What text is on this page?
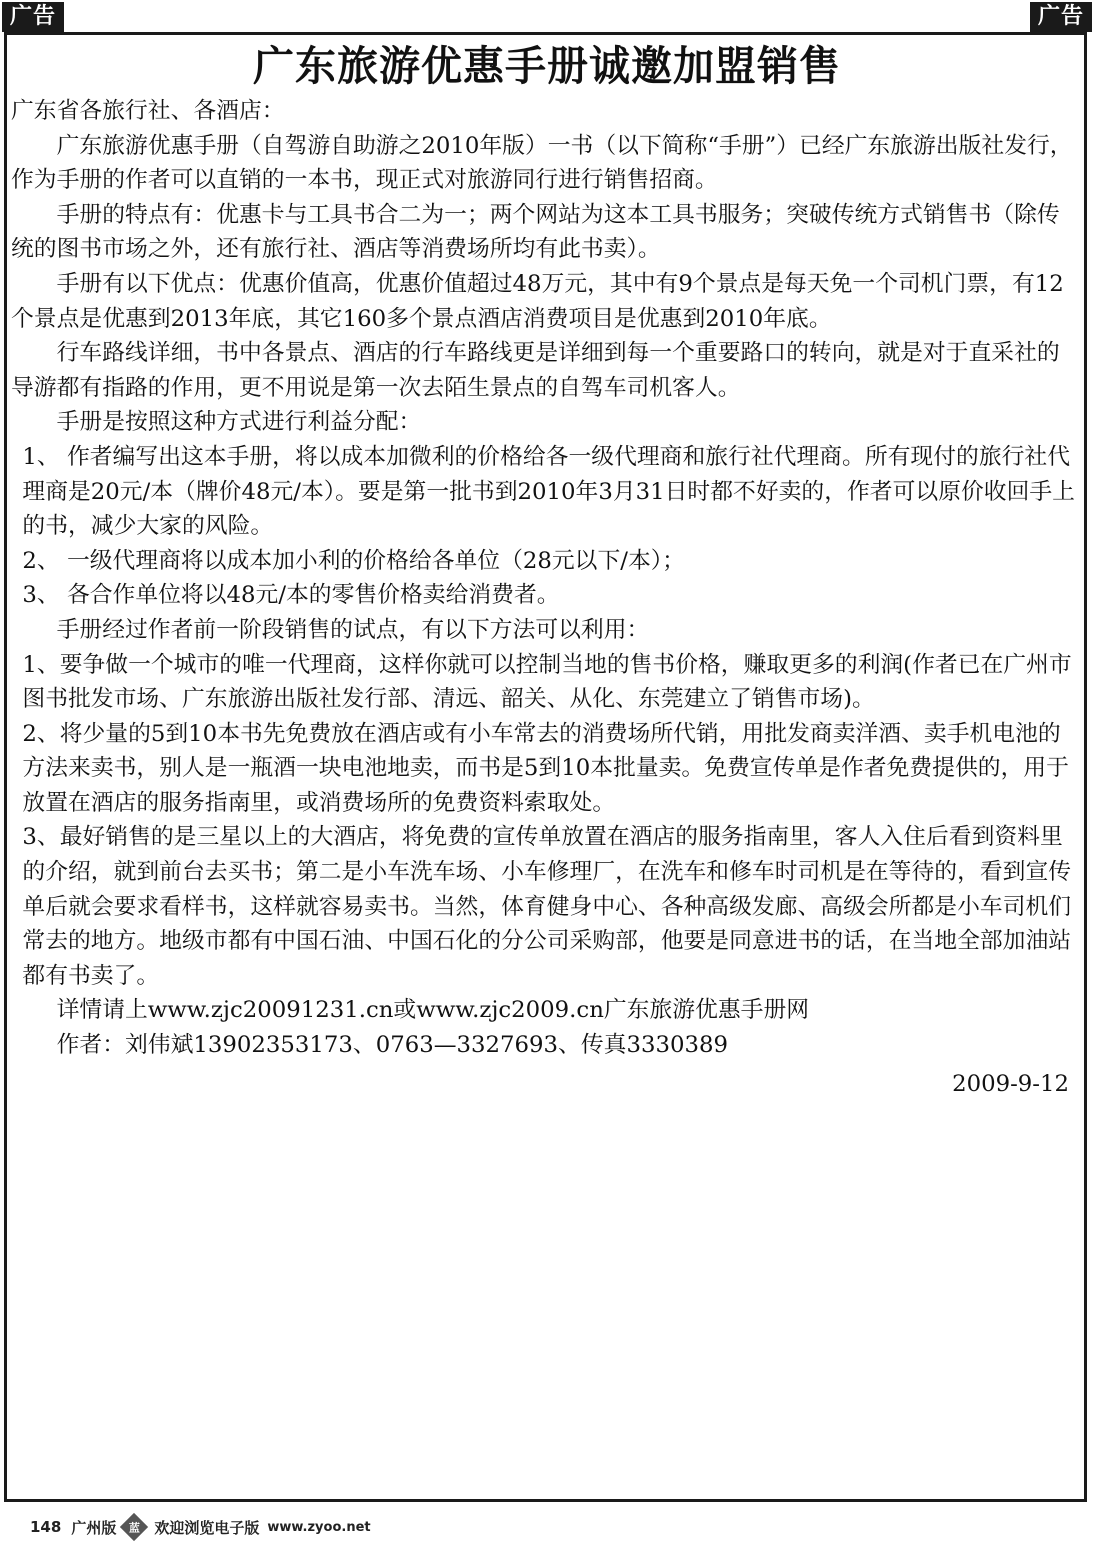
广告	广告
广东旅游优惠手册诚邀加盟销售

广东省各旅行社、各酒店：

广东旅游优惠手册（自驾游自助游之2010年版）一书（以下简称“手册”）已经广东旅游出版社发行，作为手册的作者可以直销的一本书，现正式对旅游同行进行销售招商。

手册的特点有：优惠卡与工具书合二为一；两个网站为这本工具书服务；突破传统方式销售书（除传统的图书市场之外，还有旅行社、酒店等消费场所均有此书卖）。

手册有以下优点：优惠价值高，优惠价值超过48万元，其中有9个景点是每天免一个司机门票，有12个景点是优惠到2013年底，其它160多个景点酒店消费项目是优惠到2010年底。

行车路线详细，书中各景点、酒店的行车路线更是详细到每一个重要路口的转向，就是对于直采社的导游都有指路的作用，更不用说是第一次去陌生景点的自驾车司机客人。

手册是按照这种方式进行利益分配：

1、 作者编写出这本手册，将以成本加微利的价格给各一级代理商和旅行社代理商。所有现付的旅行社代理商是20元/本（牌价48元/本）。要是第一批书到2010年3月31日时都不好卖的，作者可以原价收回手上的书，减少大家的风险。

2、 一级代理商将以成本加小利的价格给各单位（28元以下/本）；

3、 各合作单位将以48元/本的零售价格卖给消费者。

手册经过作者前一阶段销售的试点，有以下方法可以利用：

1、要争做一个城市的唯一代理商，这样你就可以控制当地的售书价格，赚取更多的利润(作者已在广州市图书批发市场、广东旅游出版社发行部、清远、韶关、从化、东莞建立了销售市场)。

2、将少量的5到10本书先免费放在酒店或有小车常去的消费场所代销，用批发商卖洋酒、卖手机电池的方法来卖书，别人是一瓶酒一块电池地卖，而书是5到10本批量卖。免费宣传单是作者免费提供的，用于放置在酒店的服务指南里，或消费场所的免费资料索取处。

3、最好销售的是三星以上的大酒店，将免费的宣传单放置在酒店的服务指南里，客人入住后看到资料里的介绍，就到前台去买书；第二是小车洗车场、小车修理厂，在洗车和修车时司机是在等待的，看到宣传单后就会要求看样书，这样就容易卖书。当然，体育健身中心、各种高级发廊、高级会所都是小车司机们常去的地方。地级市都有中国石油、中国石化的分公司采购部，他要是同意进书的话，在当地全部加油站都有书卖了。

详情请上www.zjc20091231.cn或www.zjc2009.cn广东旅游优惠手册网

作者：刘伟斌13902353173、0763—3327693、传真3330389

2009-9-12

148 广州版 蓝 欢迎浏览电子版 www.zyoo.net
